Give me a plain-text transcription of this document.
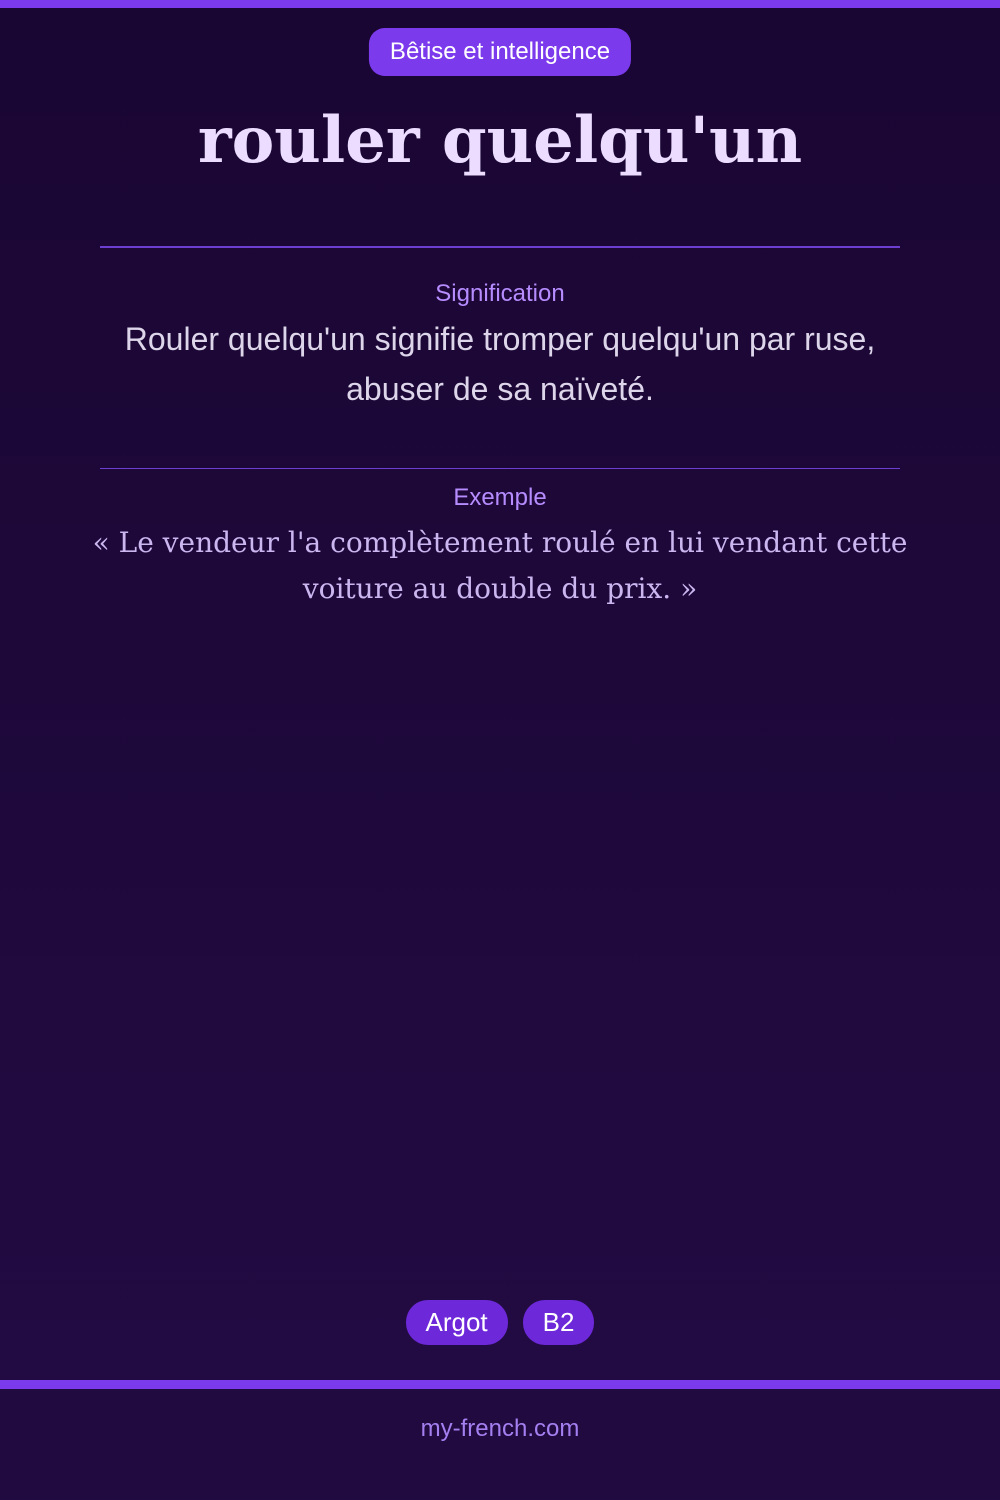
Bêtise et intelligence
rouler quelqu'un
Signification

Rouler quelqu'un signifie tromper quelqu'un par ruse, abuser de sa naïveté.

Exemple

« Le vendeur l'a complètement roulé en lui vendant cette voiture au double du prix. »

Argot	B2
my-french.com
